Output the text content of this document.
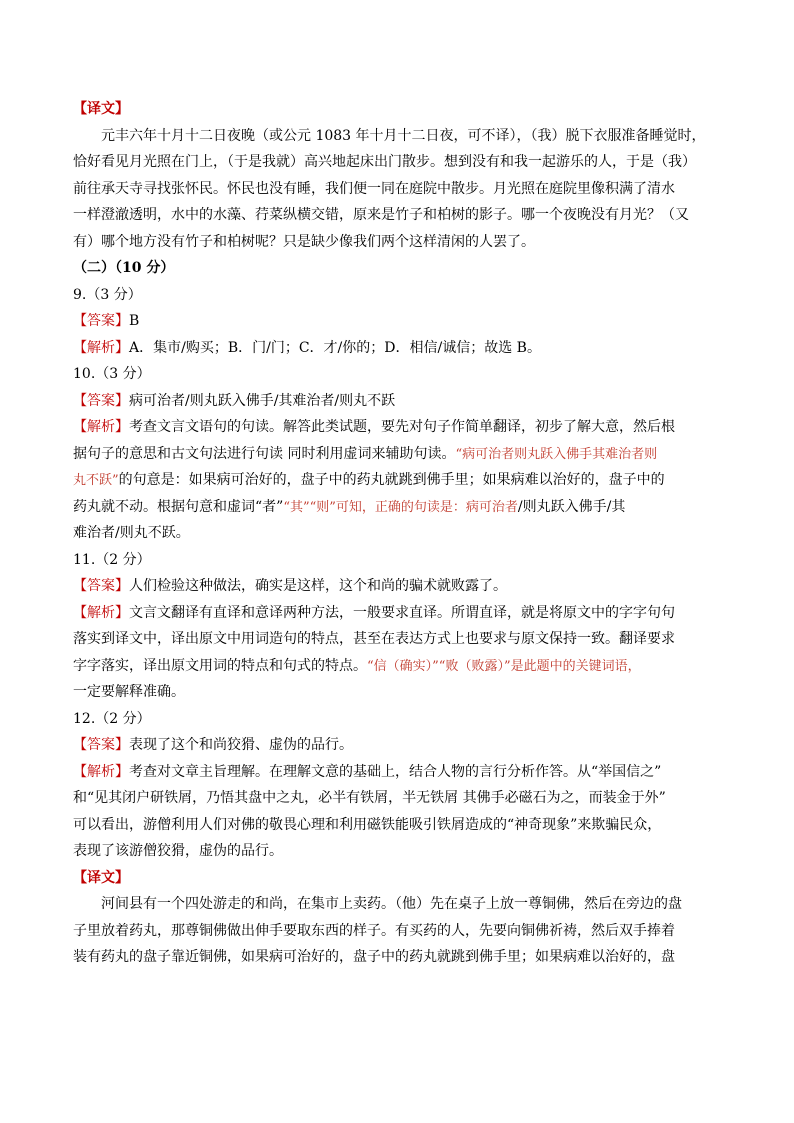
【译文】
元丰六年十月十二日夜晚（或公元 1083 年十月十二日夜，可不译），（我）脱下衣服准备睡觉时，
恰好看见月光照在门上，（于是我就）高兴地起床出门散步。想到没有和我一起游乐的人，于是（我）
前往承天寺寻找张怀民。怀民也没有睡，我们便一同在庭院中散步。月光照在庭院里像积满了清水
一样澄澈透明，水中的水藻、荇菜纵横交错，原来是竹子和柏树的影子。哪一个夜晚没有月光？（又
有）哪个地方没有竹子和柏树呢？只是缺少像我们两个这样清闲的人罢了。
（二）（10 分）
9.（3 分）
【答案】B
【解析】A．集市/购买；B．门/门；C．才/你的；D．相信/诚信；故选 B。
10.（3 分）
【答案】病可治者/则丸跃入佛手/其难治者/则丸不跃
【解析】考查文言文语句的句读。解答此类试题，要先对句子作简单翻译，初步了解大意，然后根
据句子的意思和古文句法进行句读 同时利用虚词来辅助句读。“病可治者则丸跃入佛手其难治者则
丸不跃”的句意是：如果病可治好的，盘子中的药丸就跳到佛手里；如果病难以治好的，盘子中的
药丸就不动。根据句意和虚词“者”“其”“则”可知，正确的句读是：病可治者/则丸跃入佛手/其
难治者/则丸不跃。
11.（2 分）
【答案】人们检验这种做法，确实是这样，这个和尚的骗术就败露了。
【解析】文言文翻译有直译和意译两种方法，一般要求直译。所谓直译，就是将原文中的字字句句
落实到译文中，译出原文中用词造句的特点，甚至在表达方式上也要求与原文保持一致。翻译要求
字字落实，译出原文用词的特点和句式的特点。“信（确实）”“败（败露）”是此题中的关键词语，
一定要解释准确。
12.（2 分）
【答案】表现了这个和尚狡猾、虚伪的品行。
【解析】考查对文章主旨理解。在理解文意的基础上，结合人物的言行分析作答。从“举国信之”
和“见其闭户研铁屑，乃悟其盘中之丸，必半有铁屑，半无铁屑 其佛手必磁石为之，而装金于外”
可以看出，游僧利用人们对佛的敬畏心理和利用磁铁能吸引铁屑造成的“神奇现象”来欺骗民众，
表现了该游僧狡猾，虚伪的品行。
【译文】
河间县有一个四处游走的和尚，在集市上卖药。（他）先在桌子上放一尊铜佛，然后在旁边的盘
子里放着药丸，那尊铜佛做出伸手要取东西的样子。有买药的人，先要向铜佛祈祷，然后双手捧着
装有药丸的盘子靠近铜佛，如果病可治好的，盘子中的药丸就跳到佛手里；如果病难以治好的，盘
